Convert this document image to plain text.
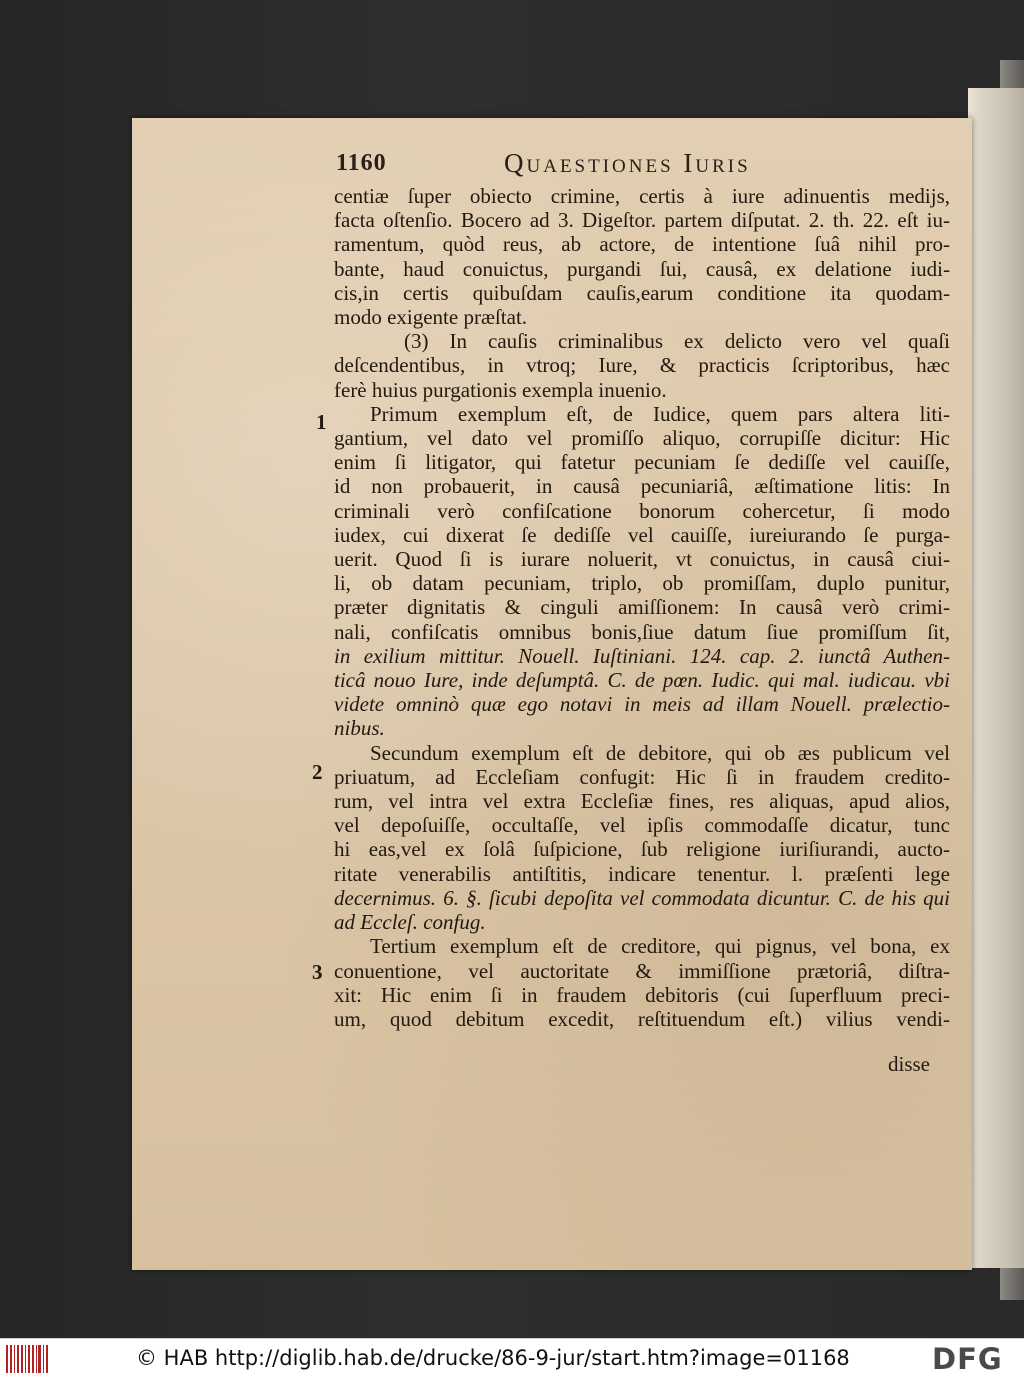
1160	Quaestiones Iuris
1
2
3
centiæ ſuper obiecto crimine, certis à iure adinuentis medijs,
facta oſtenſio. Bocero ad 3. Digeſtor. partem diſputat. 2. th. 22. eſt iu-
ramentum, quòd reus, ab actore, de intentione ſuâ nihil pro-
bante, haud conuictus, purgandi ſui, causâ, ex delatione iudi-
cis,in certis quibuſdam cauſis,earum conditione ita quodam-
modo exigente præſtat.
(3) In cauſis criminalibus ex delicto vero vel quaſi
deſcendentibus, in vtroq; Iure, & practicis ſcriptoribus, hæc
ferè huius purgationis exempla inuenio.
Primum exemplum eſt, de Iudice, quem pars altera liti-
gantium, vel dato vel promiſſo aliquo, corrupiſſe dicitur: Hic
enim ſi litigator, qui fatetur pecuniam ſe dediſſe vel cauiſſe,
id non probauerit, in causâ pecuniariâ, æſtimatione litis: In
criminali verò confiſcatione bonorum cohercetur, ſi modo
iudex, cui dixerat ſe dediſſe vel cauiſſe, iureiurando ſe purga-
uerit. Quod ſi is iurare noluerit, vt conuictus, in causâ ciui-
li, ob datam pecuniam, triplo, ob promiſſam, duplo punitur,
præter dignitatis & cinguli amiſſionem: In causâ verò crimi-
nali, confiſcatis omnibus bonis,ſiue datum ſiue promiſſum ſit,
in exilium mittitur. Nouell. Iuſtiniani. 124. cap. 2. iunctâ Authen-
ticâ nouo Iure, inde deſumptâ. C. de pœn. Iudic. qui mal. iudicau. vbi
videte omninò quæ ego notavi in meis ad illam Nouell. prælectio-
nibus.
Secundum exemplum eſt de debitore, qui ob æs publicum vel
priuatum, ad Eccleſiam confugit: Hic ſi in fraudem credito-
rum, vel intra vel extra Eccleſiæ fines, res aliquas, apud alios,
vel depoſuiſſe, occultaſſe, vel ipſis commodaſſe dicatur, tunc
hi eas,vel ex ſolâ ſuſpicione, ſub religione iuriſiurandi, aucto-
ritate venerabilis antiſtitis, indicare tenentur. l. præſenti lege
decernimus. 6. §. ſicubi depoſita vel commodata dicuntur. C. de his qui
ad Eccleſ. confug.
Tertium exemplum eſt de creditore, qui pignus, vel bona, ex
conuentione, vel auctoritate & immiſſione prætoriâ, diſtra-
xit: Hic enim ſi in fraudem debitoris (cui ſuperfluum preci-
um, quod debitum excedit, reſtituendum eſt.) vilius vendi-
disse
© HAB http://diglib.hab.de/drucke/86-9-jur/start.htm?image=01168	DFG
